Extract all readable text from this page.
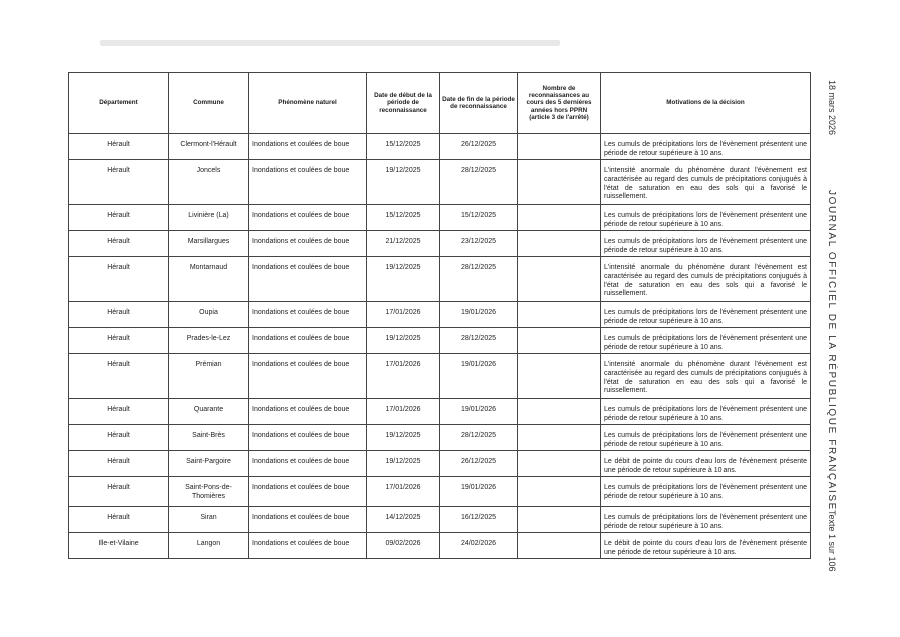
Département	Commune	Phénomène naturel	Date de début de la période de reconnaissance	Date de fin de la période de reconnaissance	Nombre de reconnaissances au cours des 5 dernières années hors PPRN (article 3 de l'arrêté)	Motivations de la décision
Hérault	Clermont-l'Hérault	Inondations et coulées de boue	15/12/2025	26/12/2025		Les cumuls de précipitations lors de l'évènement présentent une période de retour supérieure à 10 ans.
Hérault	Joncels	Inondations et coulées de boue	19/12/2025	28/12/2025		L'intensité anormale du phénomène durant l'évènement est caractérisée au regard des cumuls de précipitations conjugués à l'état de saturation en eau des sols qui a favorisé le ruissellement.
Hérault	Livinière (La)	Inondations et coulées de boue	15/12/2025	15/12/2025		Les cumuls de précipitations lors de l'évènement présentent une période de retour supérieure à 10 ans.
Hérault	Marsillargues	Inondations et coulées de boue	21/12/2025	23/12/2025		Les cumuls de précipitations lors de l'évènement présentent une période de retour supérieure à 10 ans.
Hérault	Montarnaud	Inondations et coulées de boue	19/12/2025	28/12/2025		L'intensité anormale du phénomène durant l'évènement est caractérisée au regard des cumuls de précipitations conjugués à l'état de saturation en eau des sols qui a favorisé le ruissellement.
Hérault	Oupia	Inondations et coulées de boue	17/01/2026	19/01/2026		Les cumuls de précipitations lors de l'évènement présentent une période de retour supérieure à 10 ans.
Hérault	Prades-le-Lez	Inondations et coulées de boue	19/12/2025	28/12/2025		Les cumuls de précipitations lors de l'évènement présentent une période de retour supérieure à 10 ans.
Hérault	Prémian	Inondations et coulées de boue	17/01/2026	19/01/2026		L'intensité anormale du phénomène durant l'évènement est caractérisée au regard des cumuls de précipitations conjugués à l'état de saturation en eau des sols qui a favorisé le ruissellement.
Hérault	Quarante	Inondations et coulées de boue	17/01/2026	19/01/2026		Les cumuls de précipitations lors de l'évènement présentent une période de retour supérieure à 10 ans.
Hérault	Saint-Brès	Inondations et coulées de boue	19/12/2025	28/12/2025		Les cumuls de précipitations lors de l'évènement présentent une période de retour supérieure à 10 ans.
Hérault	Saint-Pargoire	Inondations et coulées de boue	19/12/2025	26/12/2025		Le débit de pointe du cours d'eau lors de l'évènement présente une période de retour supérieure à 10 ans.
Hérault	Saint-Pons-de-Thomières	Inondations et coulées de boue	17/01/2026	19/01/2026		Les cumuls de précipitations lors de l'évènement présentent une période de retour supérieure à 10 ans.
Hérault	Siran	Inondations et coulées de boue	14/12/2025	16/12/2025		Les cumuls de précipitations lors de l'évènement présentent une période de retour supérieure à 10 ans.
Ille-et-Vilaine	Langon	Inondations et coulées de boue	09/02/2026	24/02/2026		Le débit de pointe du cours d'eau lors de l'évènement présente une période de retour supérieure à 10 ans.
18 mars 2026
JOURNAL OFFICIEL DE LA RÉPUBLIQUE FRANÇAISE
Texte 1 sur 106
